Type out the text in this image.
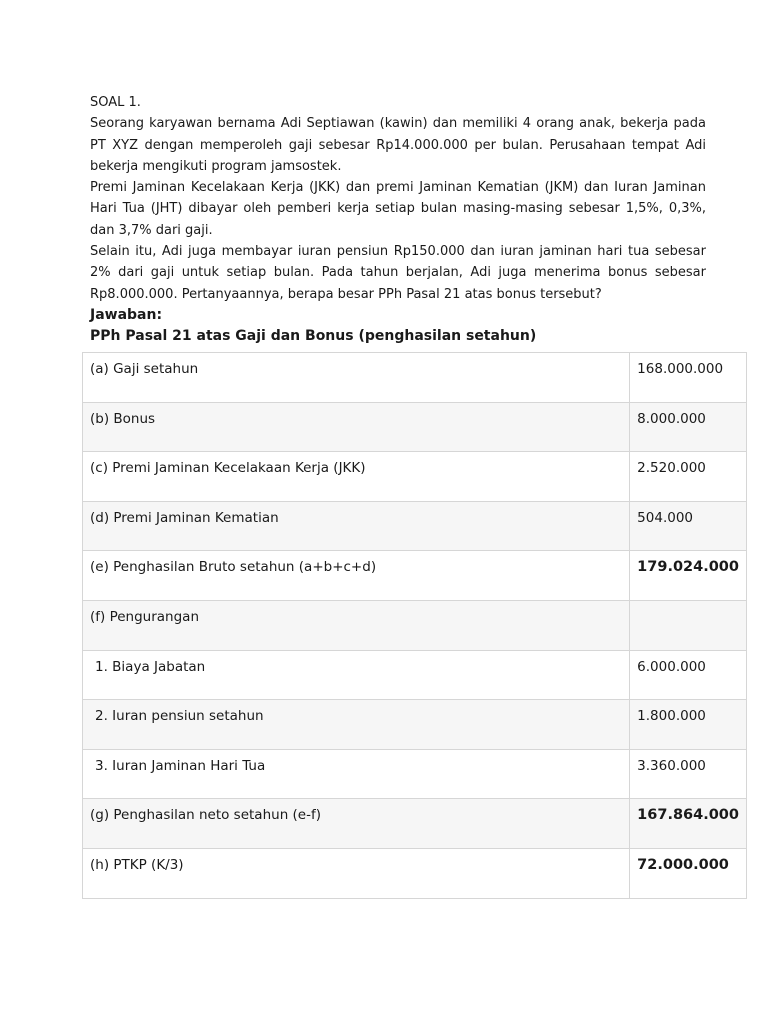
SOAL 1.

Seorang karyawan bernama Adi Septiawan (kawin) dan memiliki 4 orang anak, bekerja pada PT XYZ dengan memperoleh gaji sebesar Rp14.000.000 per bulan. Perusahaan tempat Adi bekerja mengikuti program jamsostek.

Premi Jaminan Kecelakaan Kerja (JKK) dan premi Jaminan Kematian (JKM) dan Iuran Jaminan Hari Tua (JHT) dibayar oleh pemberi kerja setiap bulan masing-masing sebesar 1,5%, 0,3%, dan 3,7% dari gaji.

Selain itu, Adi juga membayar iuran pensiun Rp150.000 dan iuran jaminan hari tua sebesar 2% dari gaji untuk setiap bulan. Pada tahun berjalan, Adi juga menerima bonus sebesar Rp8.000.000. Pertanyaannya, berapa besar PPh Pasal 21 atas bonus tersebut?

Jawaban:

PPh Pasal 21 atas Gaji dan Bonus (penghasilan setahun)

(a) Gaji setahun	168.000.000
(b) Bonus	8.000.000
(c) Premi Jaminan Kecelakaan Kerja (JKK)	2.520.000
(d) Premi Jaminan Kematian	504.000
(e) Penghasilan Bruto setahun (a+b+c+d)	179.024.000
(f) Pengurangan	
1. Biaya Jabatan	6.000.000
2. Iuran pensiun setahun	1.800.000
3. Iuran Jaminan Hari Tua	3.360.000
(g) Penghasilan neto setahun (e-f)	167.864.000
(h) PTKP (K/3)	72.000.000
